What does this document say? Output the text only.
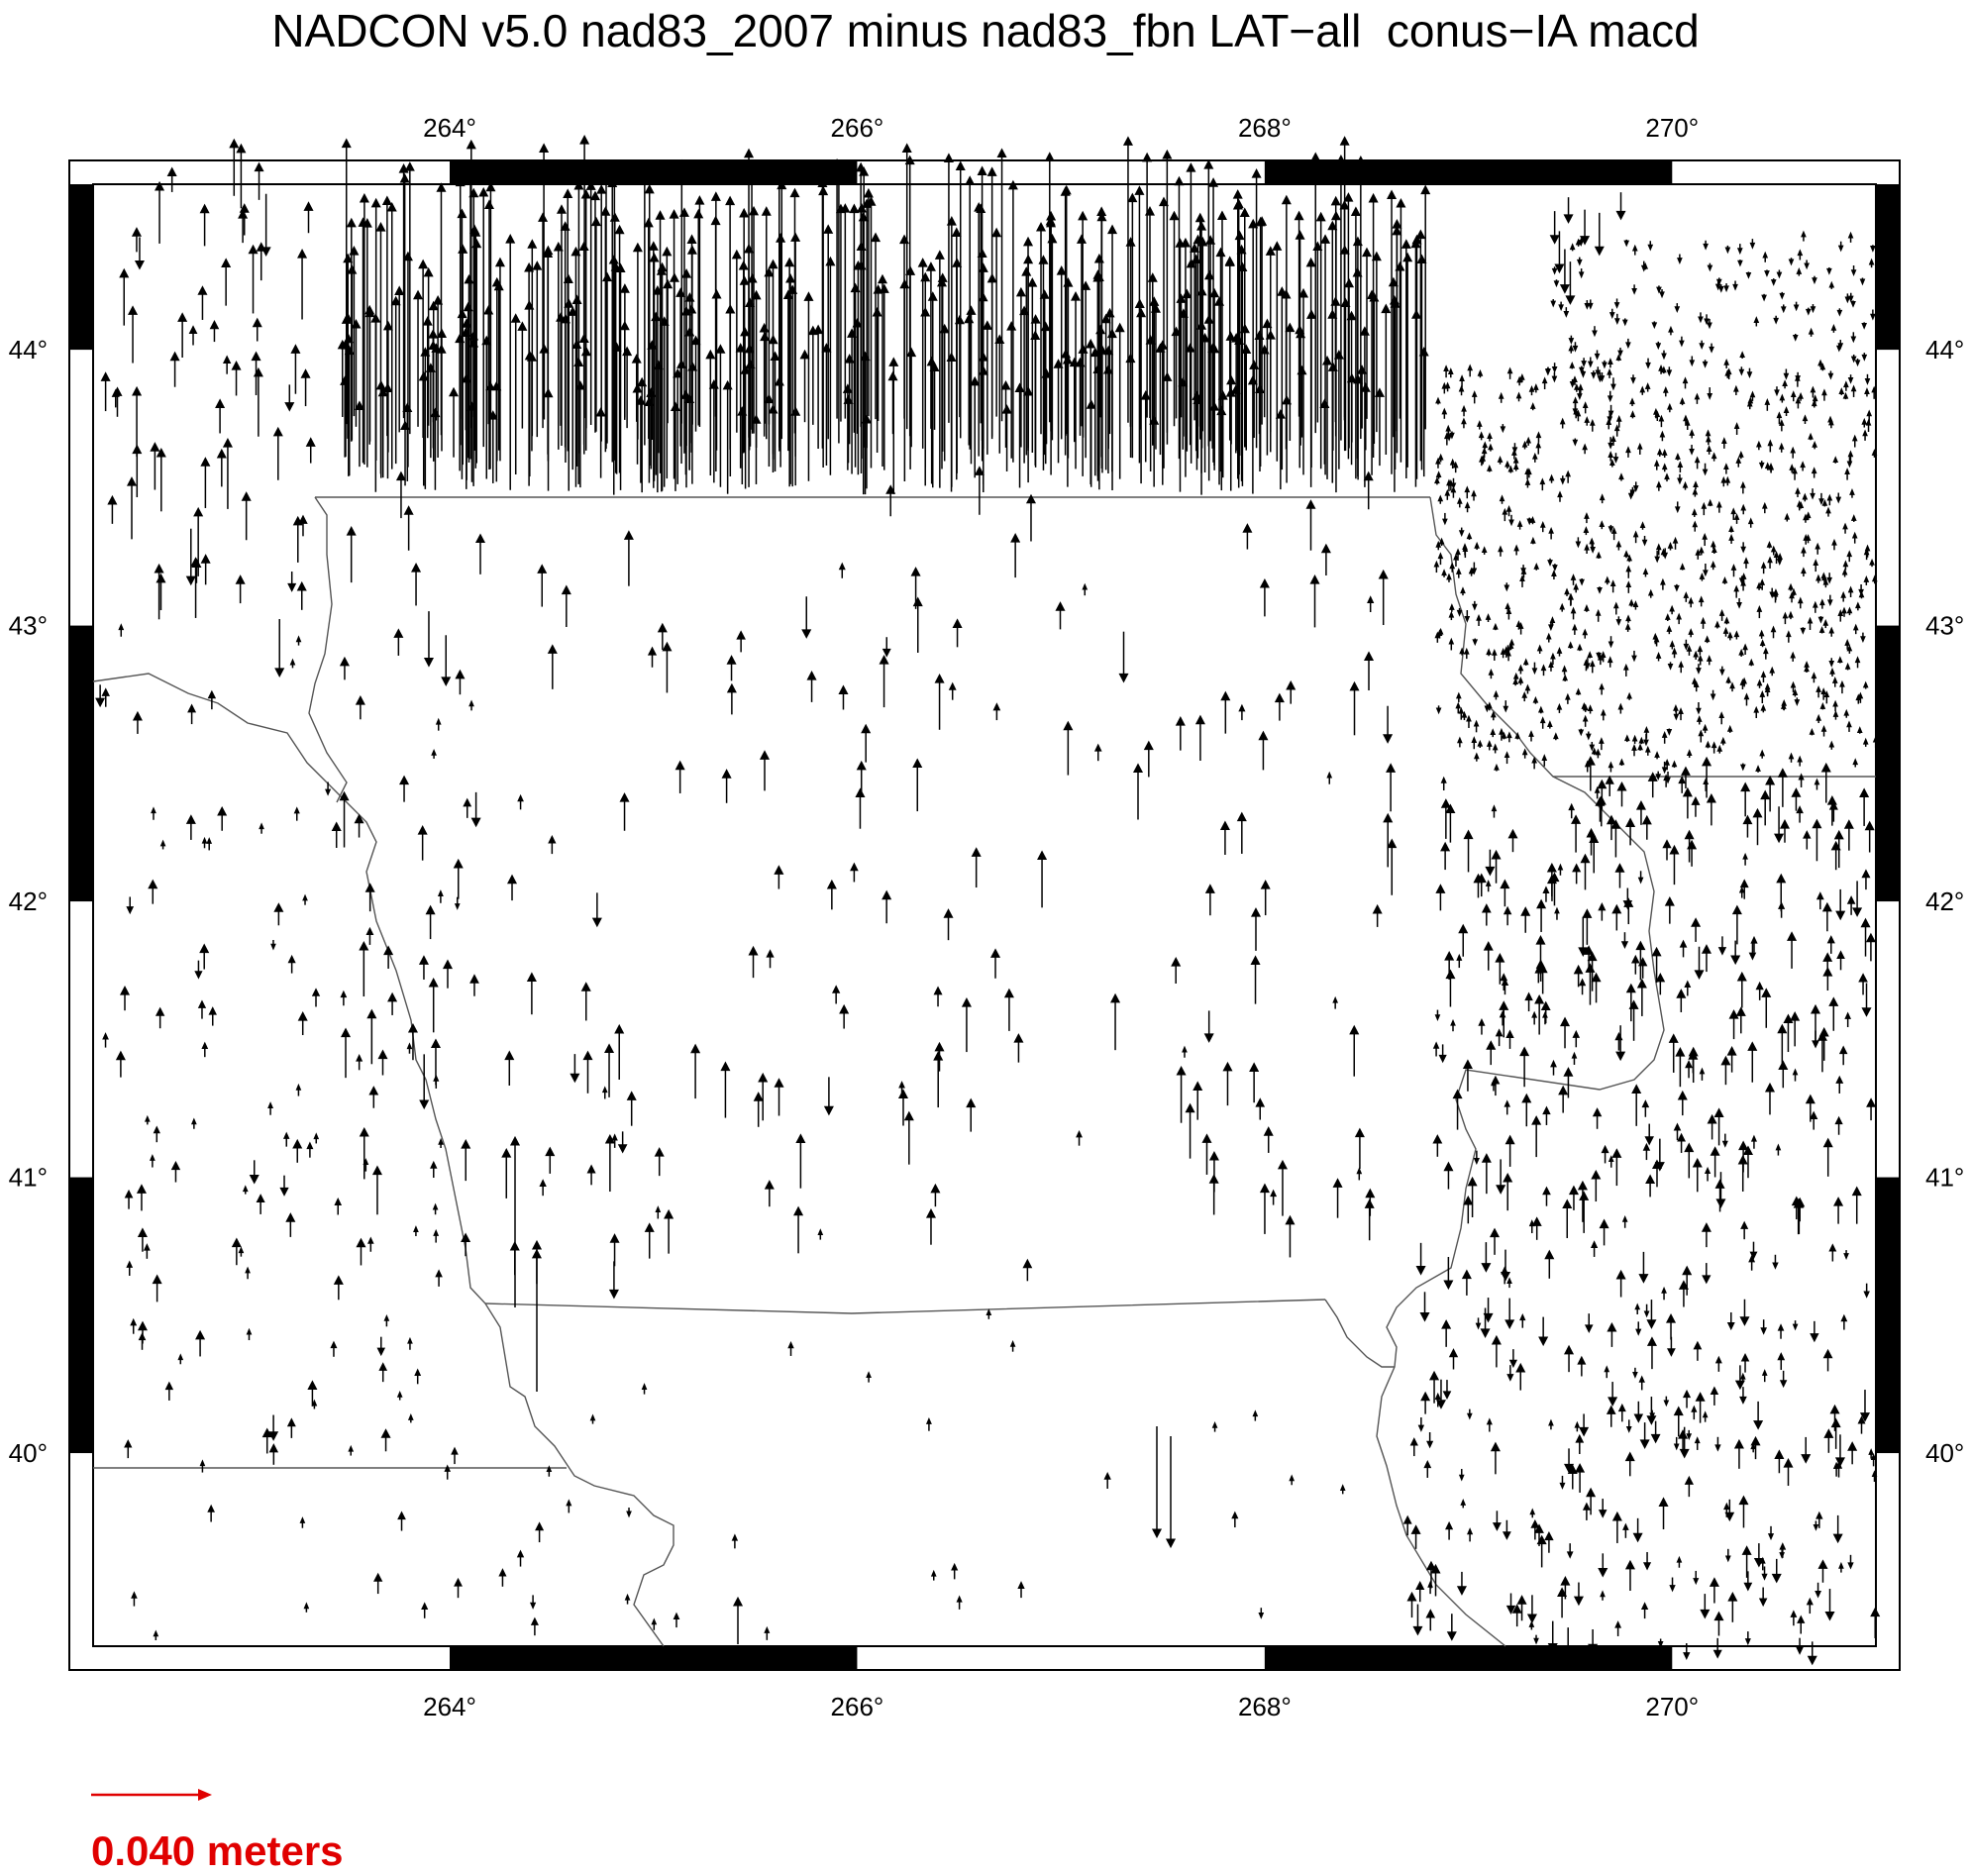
NADCON v5.0 nad83_2007 minus nad83_fbn LAT−all  conus−IA macd
264°	266°	268°	270°
264°	266°	268°	270°
40°
41°
42°
43°
44°
40°
41°
42°
43°
44°
0.040 meters
